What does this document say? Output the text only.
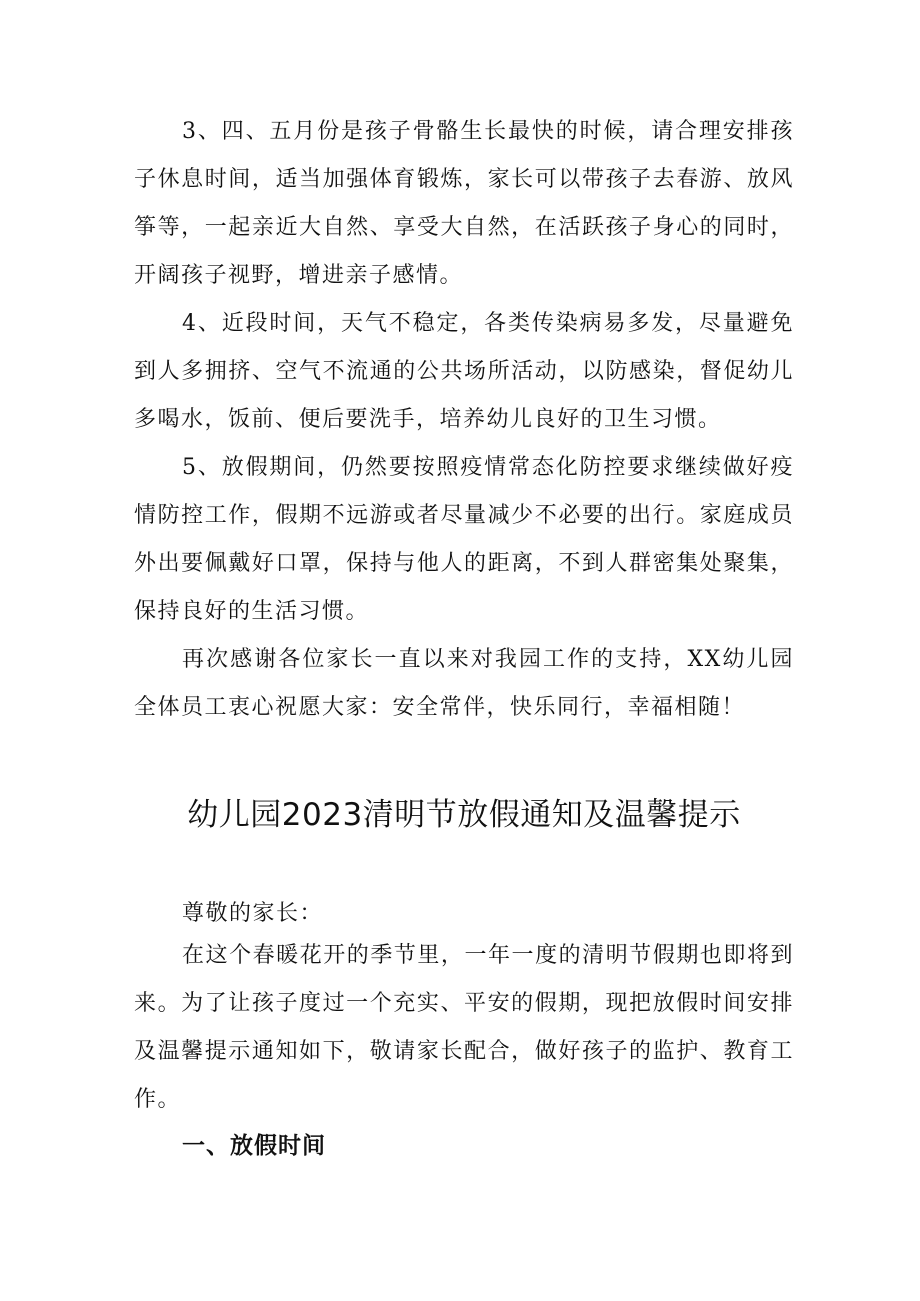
3、四、五月份是孩子骨骼生长最快的时候，请合理安排孩子休息时间，适当加强体育锻炼，家长可以带孩子去春游、放风筝等，一起亲近大自然、享受大自然，在活跃孩子身心的同时，开阔孩子视野，增进亲子感情。

4、近段时间，天气不稳定，各类传染病易多发，尽量避免到人多拥挤、空气不流通的公共场所活动，以防感染，督促幼儿多喝水，饭前、便后要洗手，培养幼儿良好的卫生习惯。

5、放假期间，仍然要按照疫情常态化防控要求继续做好疫情防控工作，假期不远游或者尽量减少不必要的出行。家庭成员外出要佩戴好口罩，保持与他人的距离，不到人群密集处聚集，保持良好的生活习惯。

再次感谢各位家长一直以来对我园工作的支持，XX幼儿园全体员工衷心祝愿大家：安全常伴，快乐同行，幸福相随！

幼儿园2023清明节放假通知及温馨提示

尊敬的家长：

在这个春暖花开的季节里，一年一度的清明节假期也即将到来。为了让孩子度过一个充实、平安的假期，现把放假时间安排及温馨提示通知如下，敬请家长配合，做好孩子的监护、教育工作。

一、放假时间
